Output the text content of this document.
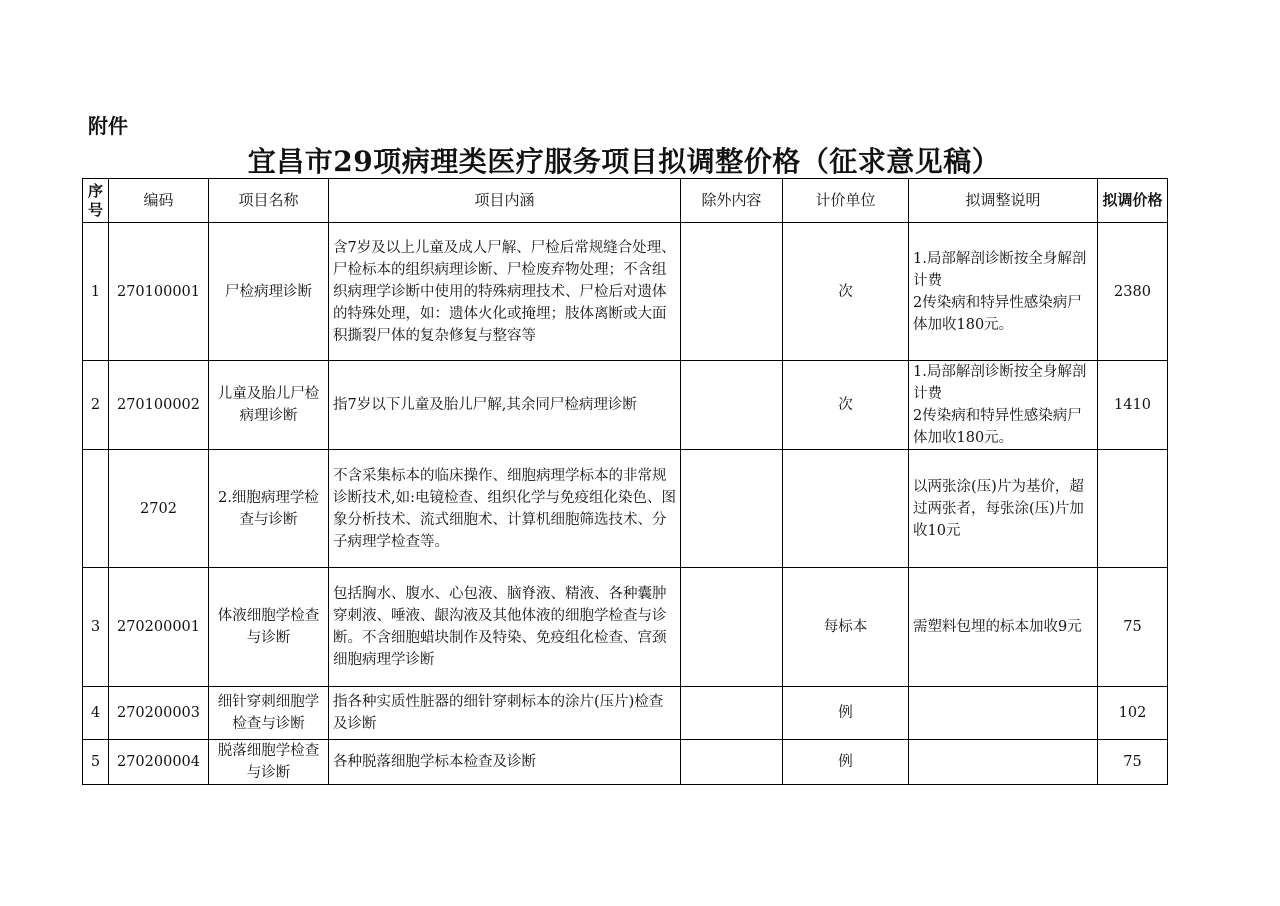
附件
宜昌市29项病理类医疗服务项目拟调整价格（征求意见稿）
序号	编码	项目名称	项目内涵	除外内容	计价单位	拟调整说明	拟调价格
1	270100001	尸检病理诊断	含7岁及以上儿童及成人尸解、尸检后常规缝合处理、尸检标本的组织病理诊断、尸检废弃物处理；不含组织病理学诊断中使用的特殊病理技术、尸检后对遗体的特殊处理，如：遗体火化或掩埋；肢体离断或大面积撕裂尸体的复杂修复与整容等		次	1.局部解剖诊断按全身解剖计费
2传染病和特异性感染病尸体加收180元。	2380
2	270100002	儿童及胎儿尸检病理诊断	指7岁以下儿童及胎儿尸解,其余同尸检病理诊断		次	1.局部解剖诊断按全身解剖计费
2传染病和特异性感染病尸体加收180元。	1410
	2702	2.细胞病理学检查与诊断	不含采集标本的临床操作、细胞病理学标本的非常规诊断技术,如:电镜检查、组织化学与免疫组化染色、图象分析技术、流式细胞术、计算机细胞筛选技术、分子病理学检查等。			以两张涂(压)片为基价，超过两张者，每张涂(压)片加收10元	
3	270200001	体液细胞学检查与诊断	包括胸水、腹水、心包液、脑脊液、精液、各种囊肿穿刺液、唾液、龈沟液及其他体液的细胞学检查与诊断。不含细胞蜡块制作及特染、免疫组化检查、宫颈细胞病理学诊断		每标本	需塑料包埋的标本加收9元	75
4	270200003	细针穿刺细胞学检查与诊断	指各种实质性脏器的细针穿刺标本的涂片(压片)检查及诊断		例		102
5	270200004	脱落细胞学检查与诊断	各种脱落细胞学标本检查及诊断		例		75
